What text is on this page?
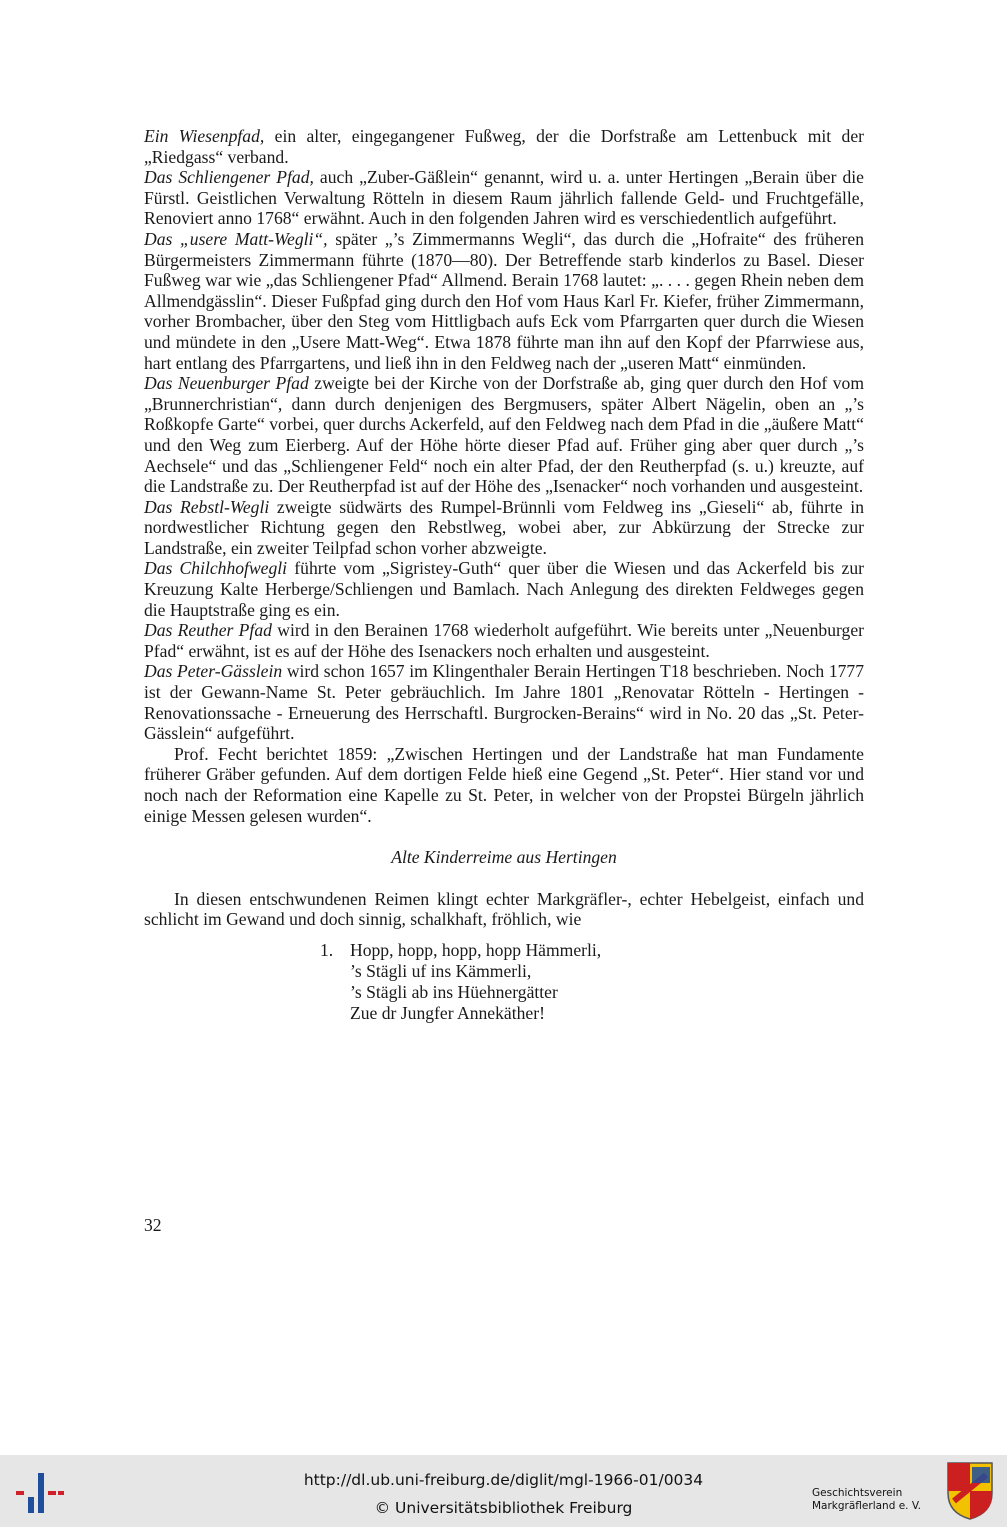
Ein Wiesenpfad, ein alter, eingegangener Fußweg, der die Dorfstraße am Lettenbuck mit der „Riedgass“ verband.

Das Schliengener Pfad, auch „Zuber-Gäßlein“ genannt, wird u. a. unter Hertingen „Berain über die Fürstl. Geistlichen Verwaltung Rötteln in diesem Raum jährlich fallende Geld- und Fruchtgefälle, Renoviert anno 1768“ erwähnt. Auch in den folgenden Jahren wird es verschiedentlich aufgeführt.

Das „usere Matt-Wegli“, später „’s Zimmermanns Wegli“, das durch die „Hofraite“ des früheren Bürgermeisters Zimmermann führte (1870—80). Der Betreffende starb kinderlos zu Basel. Dieser Fußweg war wie „das Schliengener Pfad“ Allmend. Berain 1768 lautet: „. . . . gegen Rhein neben dem Allmendgässlin“. Dieser Fußpfad ging durch den Hof vom Haus Karl Fr. Kiefer, früher Zimmermann, vorher Brombacher, über den Steg vom Hittligbach aufs Eck vom Pfarrgarten quer durch die Wiesen und mündete in den „Usere Matt-Weg“. Etwa 1878 führte man ihn auf den Kopf der Pfarrwiese aus, hart entlang des Pfarrgartens, und ließ ihn in den Feldweg nach der „useren Matt“ einmünden.

Das Neuenburger Pfad zweigte bei der Kirche von der Dorfstraße ab, ging quer durch den Hof vom „Brunnerchristian“, dann durch denjenigen des Bergmusers, später Albert Nägelin, oben an „’s Roßkopfe Garte“ vorbei, quer durchs Ackerfeld, auf den Feldweg nach dem Pfad in die „äußere Matt“ und den Weg zum Eierberg. Auf der Höhe hörte dieser Pfad auf. Früher ging aber quer durch „’s Aechsele“ und das „Schliengener Feld“ noch ein alter Pfad, der den Reutherpfad (s. u.) kreuzte, auf die Landstraße zu. Der Reutherpfad ist auf der Höhe des „Isenacker“ noch vorhanden und ausgesteint.

Das Rebstl-Wegli zweigte südwärts des Rumpel-Brünnli vom Feldweg ins „Gieseli“ ab, führte in nordwestlicher Richtung gegen den Rebstlweg, wobei aber, zur Abkürzung der Strecke zur Landstraße, ein zweiter Teilpfad schon vorher abzweigte.

Das Chilchhofwegli führte vom „Sigristey-Guth“ quer über die Wiesen und das Ackerfeld bis zur Kreuzung Kalte Herberge/Schliengen und Bamlach. Nach Anlegung des direkten Feldweges gegen die Hauptstraße ging es ein.

Das Reuther Pfad wird in den Berainen 1768 wiederholt aufgeführt. Wie bereits unter „Neuenburger Pfad“ erwähnt, ist es auf der Höhe des Isenackers noch erhalten und ausgesteint.

Das Peter-Gässlein wird schon 1657 im Klingenthaler Berain Hertingen T18 beschrieben. Noch 1777 ist der Gewann-Name St. Peter gebräuchlich. Im Jahre 1801 „Renovatar Rötteln - Hertingen - Renovationssache - Erneuerung des Herrschaftl. Burgrocken-Berains“ wird in No. 20 das „St. Peter-Gässlein“ aufgeführt.

Prof. Fecht berichtet 1859: „Zwischen Hertingen und der Landstraße hat man Fundamente früherer Gräber gefunden. Auf dem dortigen Felde hieß eine Gegend „St. Peter“. Hier stand vor und noch nach der Reformation eine Kapelle zu St. Peter, in welcher von der Propstei Bürgeln jährlich einige Messen gelesen wurden“.

Alte Kinderreime aus Hertingen

In diesen entschwundenen Reimen klingt echter Markgräfler-, echter Hebelgeist, einfach und schlicht im Gewand und doch sinnig, schalkhaft, fröhlich, wie

1. Hopp, hopp, hopp, hopp Hämmerli,
’s Stägli uf ins Kämmerli,
’s Stägli ab ins Hüehnergätter
Zue dr Jungfer Annekäther!
32
http://dl.ub.uni-freiburg.de/diglit/mgl-1966-01/0034
© Universitätsbibliothek Freiburg
Geschichtsverein
Markgräflerland e. V.
